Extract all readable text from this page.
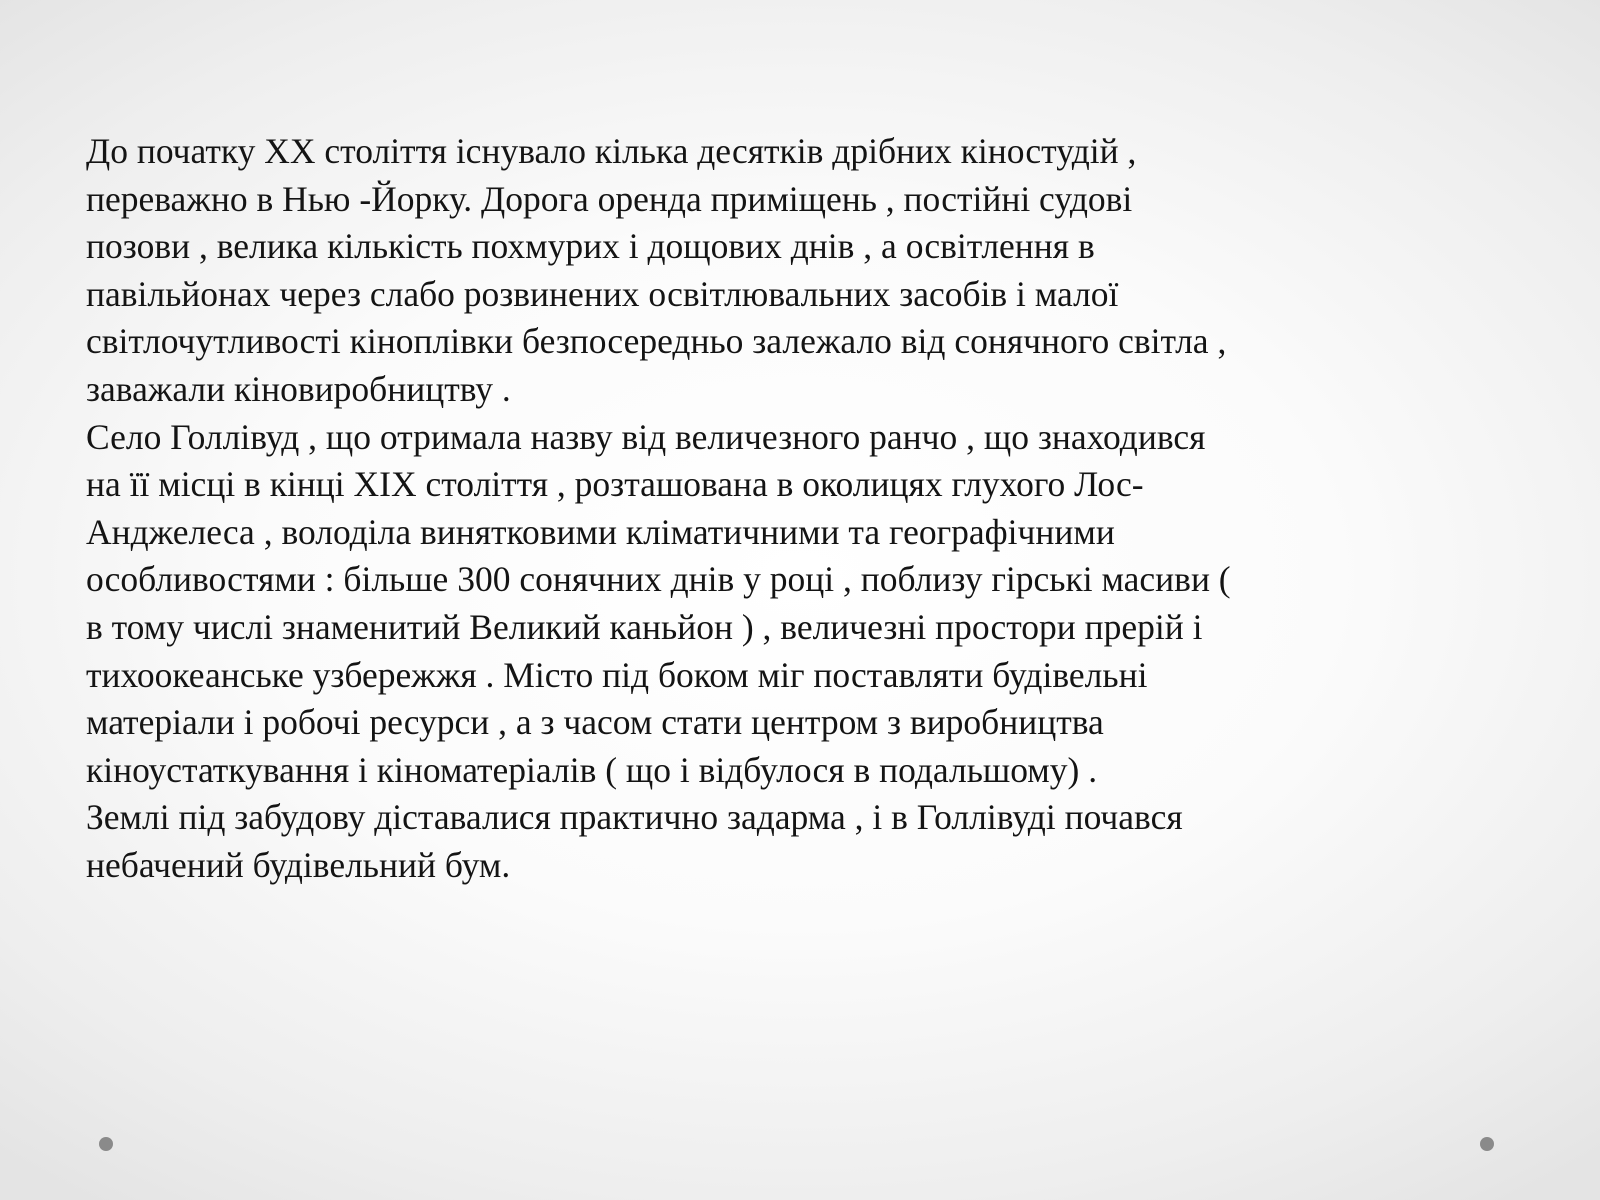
До початку ХХ століття існувало кілька десятків дрібних кіностудій ,
переважно в Нью -Йорку. Дорога оренда приміщень , постійні судові
позови , велика кількість похмурих і дощових днів , а освітлення в
павільйонах через слабо розвинених освітлювальних засобів і малої
світлочутливості кіноплівки безпосередньо залежало від сонячного світла ,
заважали кіновиробництву .
Село Голлівуд , що отримала назву від величезного ранчо , що знаходився
на її місці в кінці XIX століття , розташована в околицях глухого Лос-
Анджелеса , володіла винятковими кліматичними та географічними
особливостями : більше 300 сонячних днів у році , поблизу гірські масиви (
в тому числі знаменитий Великий каньйон ) , величезні простори прерій і
тихоокеанське узбережжя . Місто під боком міг поставляти будівельні
матеріали і робочі ресурси , а з часом стати центром з виробництва
кіноустаткування і кіноматеріалів ( що і відбулося в подальшому) .
Землі під забудову діставалися практично задарма , і в Голлівуді почався
небачений будівельний бум.
